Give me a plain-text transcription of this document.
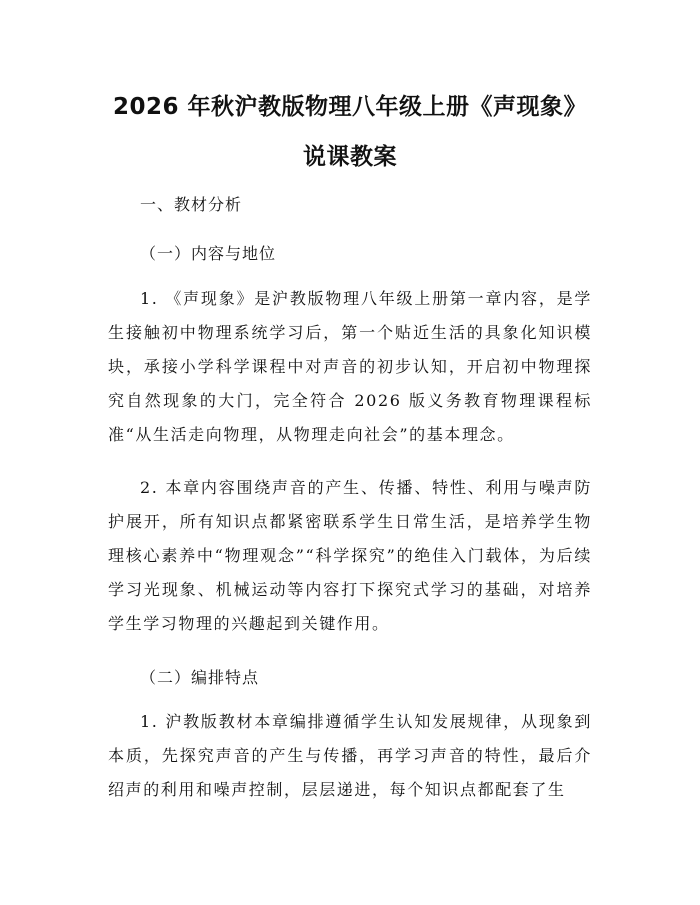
2026 年秋沪教版物理八年级上册《声现象》
说课教案
一、教材分析
（一）内容与地位

1. 《声现象》是沪教版物理八年级上册第一章内容，是学生接触初中物理系统学习后，第一个贴近生活的具象化知识模块，承接小学科学课程中对声音的初步认知，开启初中物理探究自然现象的大门，完全符合 2026 版义务教育物理课程标准“从生活走向物理，从物理走向社会”的基本理念。

2. 本章内容围绕声音的产生、传播、特性、利用与噪声防护展开，所有知识点都紧密联系学生日常生活，是培养学生物理核心素养中“物理观念”“科学探究”的绝佳入门载体，为后续学习光现象、机械运动等内容打下探究式学习的基础，对培养学生学习物理的兴趣起到关键作用。

（二）编排特点

1. 沪教版教材本章编排遵循学生认知发展规律，从现象到本质，先探究声音的产生与传播，再学习声音的特性，最后介绍声的利用和噪声控制，层层递进，每个知识点都配套了生
